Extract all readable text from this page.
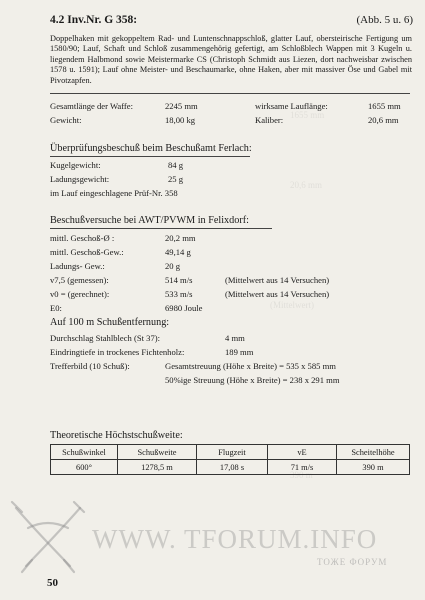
1655 mm
20,6 mm
(Mittelwert)
390 m
4.2 Inv.Nr. G 358:	(Abb. 5 u. 6)
Doppelhaken mit gekoppeltem Rad- und Luntenschnappschloß, glatter Lauf, obersteirische Fertigung um 1580/90; Lauf, Schaft und Schloß zusammengehörig gefertigt, am Schloßblech Wappen mit 3 Kugeln u. liegendem Halbmond sowie Meistermarke CS (Christoph Schmidt aus Liezen, dort nachweisbar zwischen 1578 u. 1591); Lauf ohne Meister- und Beschaumarke, ohne Haken, aber mit massiver Öse und Gabel mit Pivotzapfen.
Gesamtlänge der Waffe:	2245 mm	wirksame Lauflänge:	1655 mm
Gewicht:	18,00 kg	Kaliber:	20,6 mm
Überprüfungsbeschuß beim Beschußamt Ferlach:
Kugelgewicht:	84 g
Ladungsgewicht:	25 g
im Lauf eingeschlagene Prüf-Nr. 358
Beschußversuche bei AWT/PVWM in Felixdorf:
mittl. Geschoß-Ø :	20,2 mm
mittl. Geschoß-Gew.:	49,14 g
Ladungs- Gew.:	20 g
v7,5 (gemessen):	514 m/s	(Mittelwert aus 14 Versuchen)
v0 = (gerechnet):	533 m/s	(Mittelwert aus 14 Versuchen)
E0:	6980 Joule
Auf 100 m Schußentfernung:
Durchschlag Stahlblech (St 37):	4 mm
Eindringtiefe in trockenes Fichtenholz:	189 mm
Trefferbild (10 Schuß):	Gesamtstreuung (Höhe x Breite) = 535 x 585 mm
50%ige Streuung (Höhe x Breite) = 238 x 291 mm
Theoretische Höchstschußweite:
Schußwinkel	Schußweite	Flugzeit	vE	Scheitelhöhe
600°	1278,5 m	17,08 s	71 m/s	390 m
WWW. TFORUM.INFO
ТОЖЕ ФОРУМ
50
